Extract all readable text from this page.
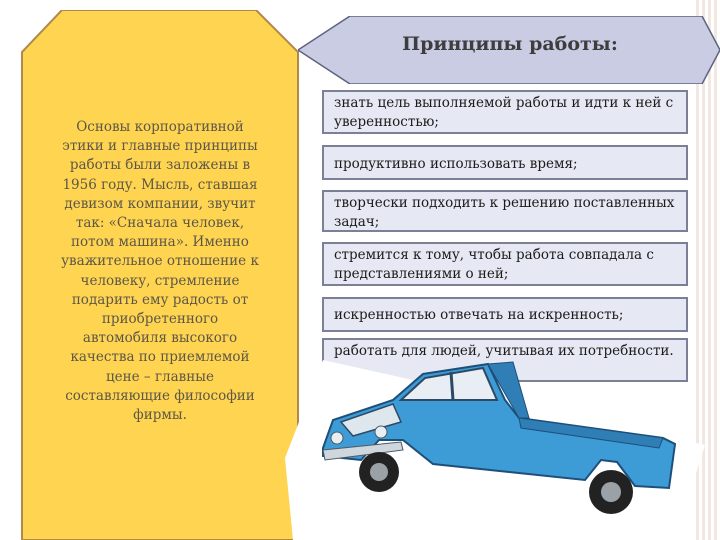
Основы корпоративной этики и главные принципы работы были заложены в 1956 году. Мысль, ставшая девизом компании, звучит так: «Сначала человек, потом машина». Именно уважительное отношение к человеку, стремление подарить ему радость от приобретенного автомобиля высокого качества по приемлемой цене – главные составляющие философии фирмы.

Принципы работы:
знать цель выполняемой работы и идти к ней с уверенностью;
продуктивно использовать время;
творчески подходить к решению поставленных задач;
стремится к тому, чтобы работа совпадала с представлениями о ней;
искренностью отвечать на искренность;
работать для людей, учитывая их потребности.
